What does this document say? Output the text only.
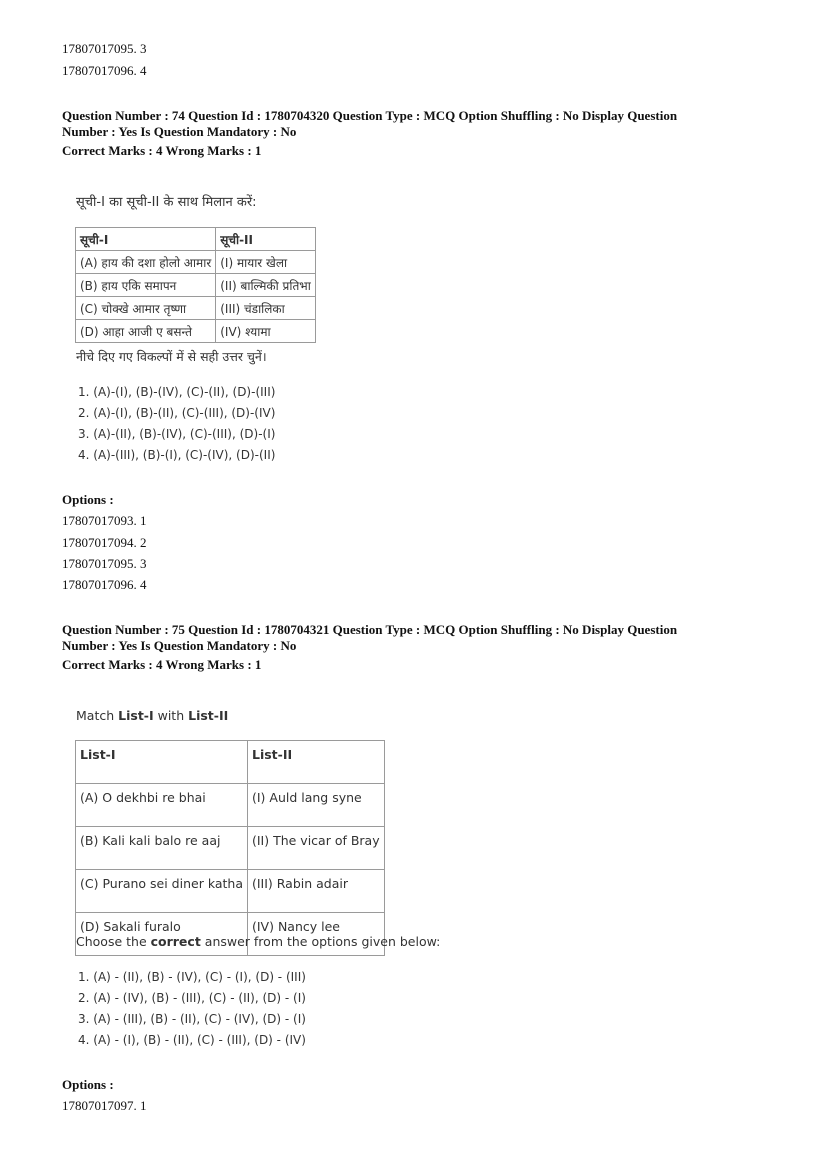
17807017095. 3
17807017096. 4
Question Number : 74 Question Id : 1780704320 Question Type : MCQ Option Shuffling : No Display Question
Number : Yes Is Question Mandatory : No
Correct Marks : 4 Wrong Marks : 1
सूची-I का सूची-II के साथ मिलान करें:
सूची-I	सूची-II
(A) हाय की दशा होलो आमार	(I) मायार खेला
(B) हाय एकि समापन	(II) बाल्मिकी प्रतिभा
(C) चोक्खे आमार तृष्णा	(III) चंडालिका
(D) आहा आजी ए बसन्ते	(IV) श्यामा
नीचे दिए गए विकल्पों में से सही उत्तर चुनें।
1. (A)-(I), (B)-(IV), (C)-(II), (D)-(III)
2. (A)-(I), (B)-(II), (C)-(III), (D)-(IV)
3. (A)-(II), (B)-(IV), (C)-(III), (D)-(I)
4. (A)-(III), (B)-(I), (C)-(IV), (D)-(II)
Options :
17807017093. 1
17807017094. 2
17807017095. 3
17807017096. 4
Question Number : 75 Question Id : 1780704321 Question Type : MCQ Option Shuffling : No Display Question
Number : Yes Is Question Mandatory : No
Correct Marks : 4 Wrong Marks : 1
Match List-I with List-II
List-I	List-II
(A) O dekhbi re bhai	(I) Auld lang syne
(B) Kali kali balo re aaj	(II) The vicar of Bray
(C) Purano sei diner katha	(III) Rabin adair
(D) Sakali furalo	(IV) Nancy lee
Choose the correct answer from the options given below:
1. (A) - (II), (B) - (IV), (C) - (I), (D) - (III)
2. (A) - (IV), (B) - (III), (C) - (II), (D) - (I)
3. (A) - (III), (B) - (II), (C) - (IV), (D) - (I)
4. (A) - (I), (B) - (II), (C) - (III), (D) - (IV)
Options :
17807017097. 1
